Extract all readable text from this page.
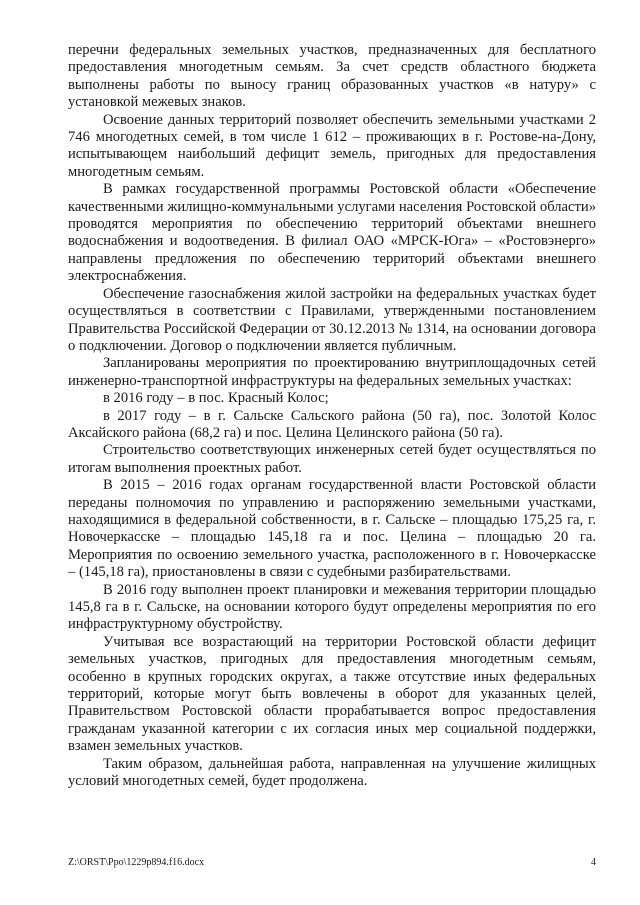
перечни федеральных земельных участков, предназначенных для бесплатного предоставления многодетным семьям. За счет средств областного бюджета выполнены работы по выносу границ образованных участков «в натуру» с установкой межевых знаков.

Освоение данных территорий позволяет обеспечить земельными участками 2 746 многодетных семей, в том числе 1 612 – проживающих в г. Ростове-на-Дону, испытывающем наибольший дефицит земель, пригодных для предоставления многодетным семьям.

В рамках государственной программы Ростовской области «Обеспечение качественными жилищно-коммунальными услугами населения Ростовской области» проводятся мероприятия по обеспечению территорий объектами внешнего водоснабжения и водоотведения. В филиал ОАО «МРСК-Юга» – «Ростовэнерго» направлены предложения по обеспечению территорий объектами внешнего электроснабжения.

Обеспечение газоснабжения жилой застройки на федеральных участках будет осуществляться в соответствии с Правилами, утвержденными постановлением Правительства Российской Федерации от 30.12.2013 № 1314, на основании договора о подключении. Договор о подключении является публичным.

Запланированы мероприятия по проектированию внутриплощадочных сетей инженерно-транспортной инфраструктуры на федеральных земельных участках:

в 2016 году – в пос. Красный Колос;

в 2017 году – в г. Сальске Сальского района (50 га), пос. Золотой Колос Аксайского района (68,2 га) и пос. Целина Целинского района (50 га).

Строительство соответствующих инженерных сетей будет осуществляться по итогам выполнения проектных работ.

В 2015 – 2016 годах органам государственной власти Ростовской области переданы полномочия по управлению и распоряжению земельными участками, находящимися в федеральной собственности, в г. Сальске – площадью 175,25 га, г. Новочеркасске – площадью 145,18 га и пос. Целина – площадью 20 га. Мероприятия по освоению земельного участка, расположенного в г. Новочеркасске – (145,18 га), приостановлены в связи с судебными разбирательствами.

В 2016 году выполнен проект планировки и межевания территории площадью 145,8 га в г. Сальске, на основании которого будут определены мероприятия по его инфраструктурному обустройству.

Учитывая все возрастающий на территории Ростовской области дефицит земельных участков, пригодных для предоставления многодетным семьям, особенно в крупных городских округах, а также отсутствие иных федеральных территорий, которые могут быть вовлечены в оборот для указанных целей, Правительством Ростовской области прорабатывается вопрос предоставления гражданам указанной категории с их согласия иных мер социальной поддержки, взамен земельных участков.

Таким образом, дальнейшая работа, направленная на улучшение жилищных условий многодетных семей, будет продолжена.

Z:\ORST\Ppo\1229p894.f16.docx	4
